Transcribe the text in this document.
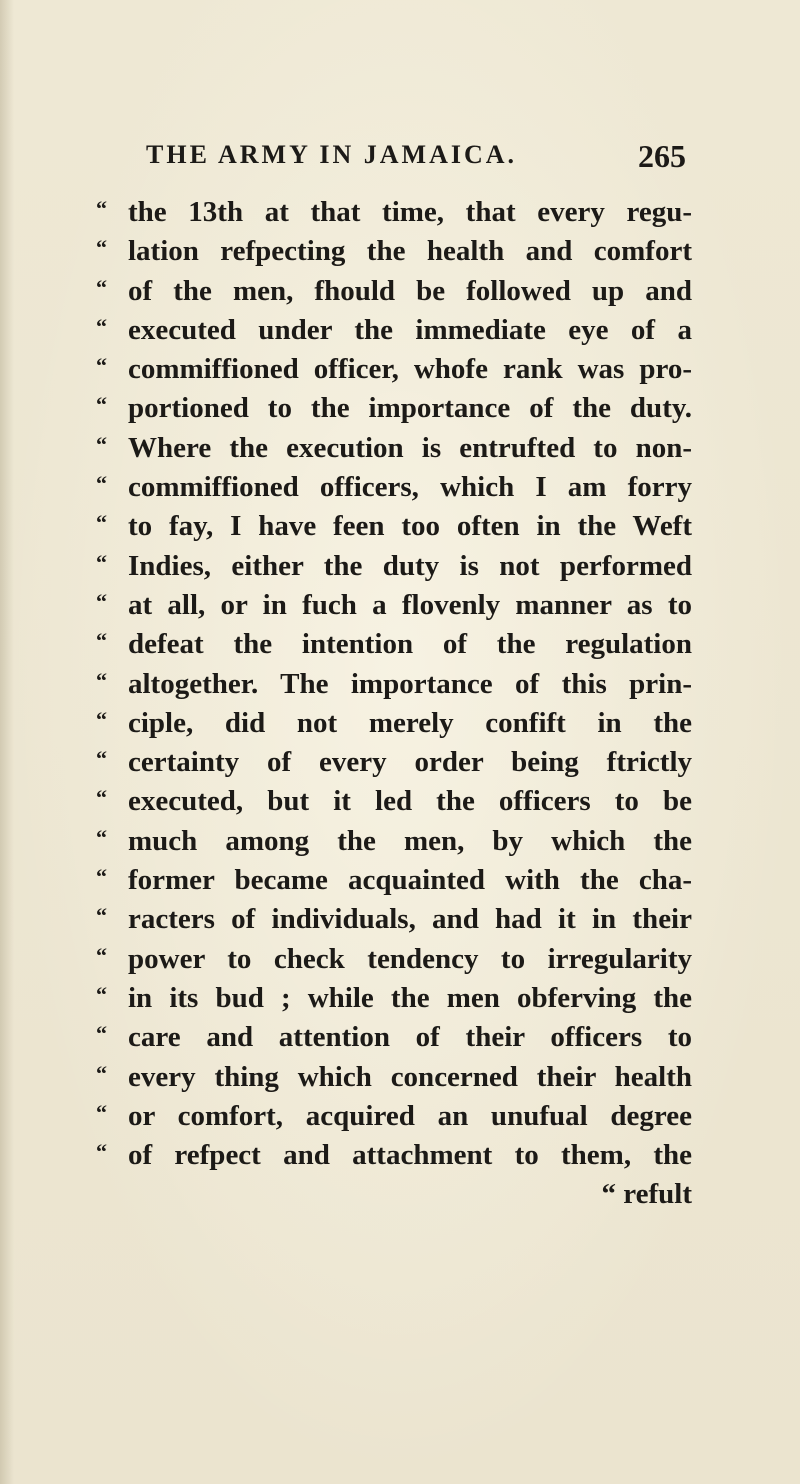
THE ARMY IN JAMAICA.	265
“ the 13th at that time, that every regu-
“ lation refpecting the health and comfort
“ of the men, fhould be followed up and
“ executed under the immediate eye of a
“ commiffioned officer, whofe rank was pro-
“ portioned to the importance of the duty.
“ Where the execution is entrufted to non-
“ commiffioned officers, which I am forry
“ to fay, I have feen too often in the Weft
“ Indies, either the duty is not performed
“ at all, or in fuch a flovenly manner as to
“ defeat the intention of the regulation
“ altogether. The importance of this prin-
“ ciple, did not merely confift in the
“ certainty of every order being ftrictly
“ executed, but it led the officers to be
“ much among the men, by which the
“ former became acquainted with the cha-
“ racters of individuals, and had it in their
“ power to check tendency to irregularity
“ in its bud ; while the men obferving the
“ care and attention of their officers to
“ every thing which concerned their health
“ or comfort, acquired an unufual degree
“ of refpect and attachment to them, the
“ refult
